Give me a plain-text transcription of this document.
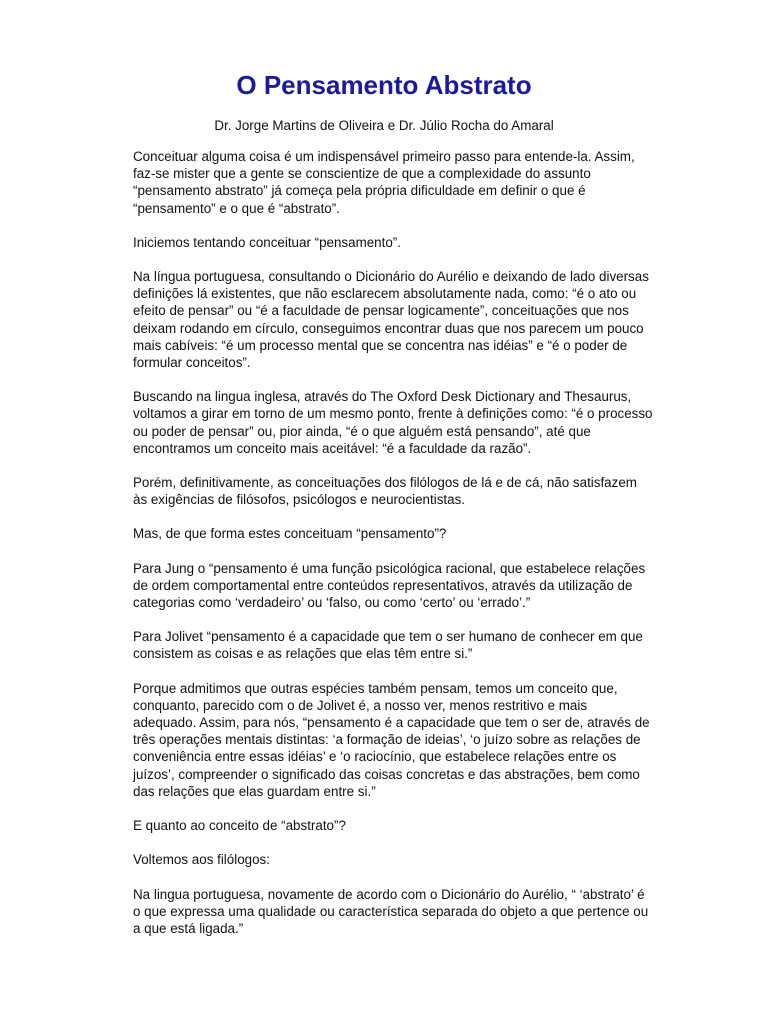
O Pensamento Abstrato
Dr. Jorge Martins de Oliveira e Dr. Júlio Rocha do Amaral

Conceituar alguma coisa é um indispensável primeiro passo para entende-la. Assim, faz-se mister que a gente se conscientize de que a complexidade do assunto “pensamento abstrato” já começa pela própria dificuldade em definir o que é “pensamento” e o que é “abstrato”.

Iniciemos tentando conceituar “pensamento”.

Na língua portuguesa, consultando o Dicionário do Aurélio e deixando de lado diversas definições lá existentes, que não esclarecem absolutamente nada, como: “é o ato ou efeito de pensar” ou “é a faculdade de pensar logicamente”, conceituações que nos deixam rodando em círculo, conseguimos encontrar duas que nos parecem um pouco mais cabíveis: “é um processo mental que se concentra nas idéias” e “é o poder de formular conceitos”.

Buscando na lingua inglesa, através do The Oxford Desk Dictionary and Thesaurus, voltamos a girar em torno de um mesmo ponto, frente à definições como: “é o processo ou poder de pensar” ou, pior ainda, “é o que alguém está pensando”, até que encontramos um conceito mais aceitável: “é a faculdade da razão”.

Porém, definitivamente, as conceituações dos filólogos de lá e de cá, não satisfazem às exigências de filósofos, psicólogos e neurocientistas.

Mas, de que forma estes conceituam “pensamento”?

Para Jung o “pensamento é uma função psicológica racional, que estabelece relações de ordem comportamental entre conteúdos representativos, através da utilização de categorias como ‘verdadeiro’ ou ‘falso, ou como ‘certo’ ou ‘errado’.”

Para Jolivet “pensamento é a capacidade que tem o ser humano de conhecer em que consistem as coisas e as relações que elas têm entre si.”

Porque admitimos que outras espécies também pensam, temos um conceito que, conquanto, parecido com o de Jolivet é, a nosso ver, menos restritivo e mais adequado. Assim, para nós, “pensamento é a capacidade que tem o ser de, através de três operações mentais distintas: ‘a formação de ideias’, ‘o juízo sobre as relações de conveniência entre essas idéias’ e ‘o raciocínio, que estabelece relações entre os juízos’, compreender o significado das coisas concretas e das abstrações, bem como das relações que elas guardam entre si.”

E quanto ao conceito de “abstrato”?

Voltemos aos filólogos:

Na lingua portuguesa, novamente de acordo com o Dicionário do Aurélio, “ ‘abstrato’ é o que expressa uma qualidade ou característica separada do objeto a que pertence ou a que está ligada.”
